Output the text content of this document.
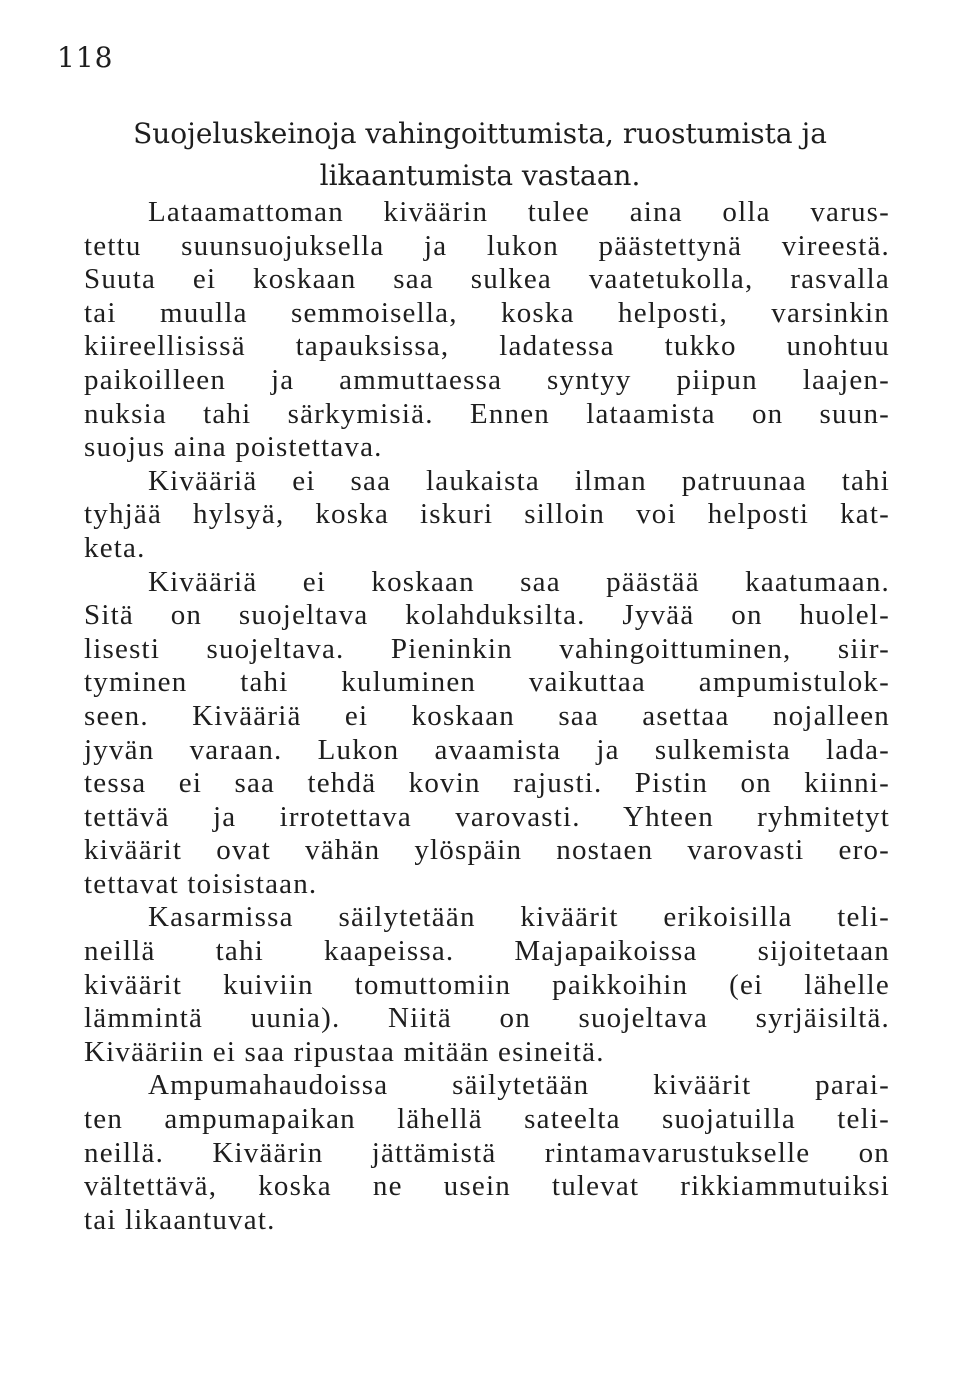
118
Suojeluskeinoja vahingoittumista, ruostumista ja
likaantumista vastaan.
Lataamattoman kiväärin tulee aina olla varus-
tettu suunsuojuksella ja lukon päästettynä vireestä.
Suuta ei koskaan saa sulkea vaatetukolla, rasvalla
tai muulla semmoisella, koska helposti, varsinkin
kiireellisissä tapauksissa, ladatessa tukko unohtuu
paikoilleen ja ammuttaessa syntyy piipun laajen-
nuksia tahi särkymisiä. Ennen lataamista on suun-
suojus aina poistettava.
Kivääriä ei saa laukaista ilman patruunaa tahi
tyhjää hylsyä, koska iskuri silloin voi helposti kat-
keta.
Kivääriä ei koskaan saa päästää kaatumaan.
Sitä on suojeltava kolahduksilta. Jyvää on huolel-
lisesti suojeltava. Pieninkin vahingoittuminen, siir-
tyminen tahi kuluminen vaikuttaa ampumistulok-
seen. Kivääriä ei koskaan saa asettaa nojalleen
jyvän varaan. Lukon avaamista ja sulkemista lada-
tessa ei saa tehdä kovin rajusti. Pistin on kiinni-
tettävä ja irrotettava varovasti. Yhteen ryhmitetyt
kiväärit ovat vähän ylöspäin nostaen varovasti ero-
tettavat toisistaan.
Kasarmissa säilytetään kiväärit erikoisilla teli-
neillä tahi kaapeissa. Majapaikoissa sijoitetaan
kiväärit kuiviin tomuttomiin paikkoihin (ei lähelle
lämmintä uunia). Niitä on suojeltava syrjäisiltä.
Kivääriin ei saa ripustaa mitään esineitä.
Ampumahaudoissa säilytetään kiväärit parai-
ten ampumapaikan lähellä sateelta suojatuilla teli-
neillä. Kiväärin jättämistä rintamavarustukselle on
vältettävä, koska ne usein tulevat rikkiammutuiksi
tai likaantuvat.
